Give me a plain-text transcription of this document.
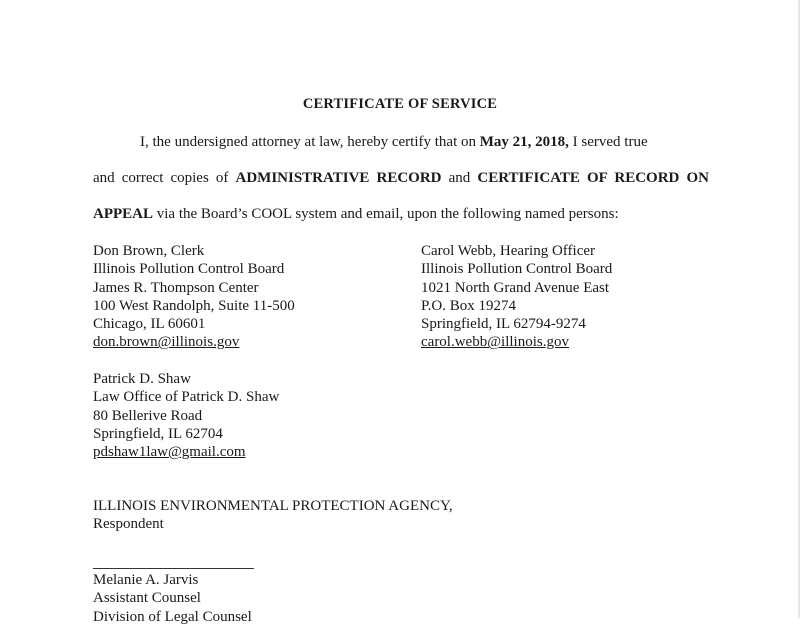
CERTIFICATE OF SERVICE
I, the undersigned attorney at law, hereby certify that on May 21, 2018, I served true
and correct copies of ADMINISTRATIVE RECORD and CERTIFICATE OF RECORD ON
APPEAL via the Board’s COOL system and email, upon the following named persons:
Don Brown, Clerk
Illinois Pollution Control Board
James R. Thompson Center
100 West Randolph, Suite 11-500
Chicago, IL 60601
don.brown@illinois.gov
Carol Webb, Hearing Officer
Illinois Pollution Control Board
1021 North Grand Avenue East
P.O. Box 19274
Springfield, IL 62794-9274
carol.webb@illinois.gov
Patrick D. Shaw
Law Office of Patrick D. Shaw
80 Bellerive Road
Springfield, IL 62704
pdshaw1law@gmail.com
ILLINOIS ENVIRONMENTAL PROTECTION AGENCY,
Respondent
Melanie A. Jarvis
Assistant Counsel
Division of Legal Counsel
